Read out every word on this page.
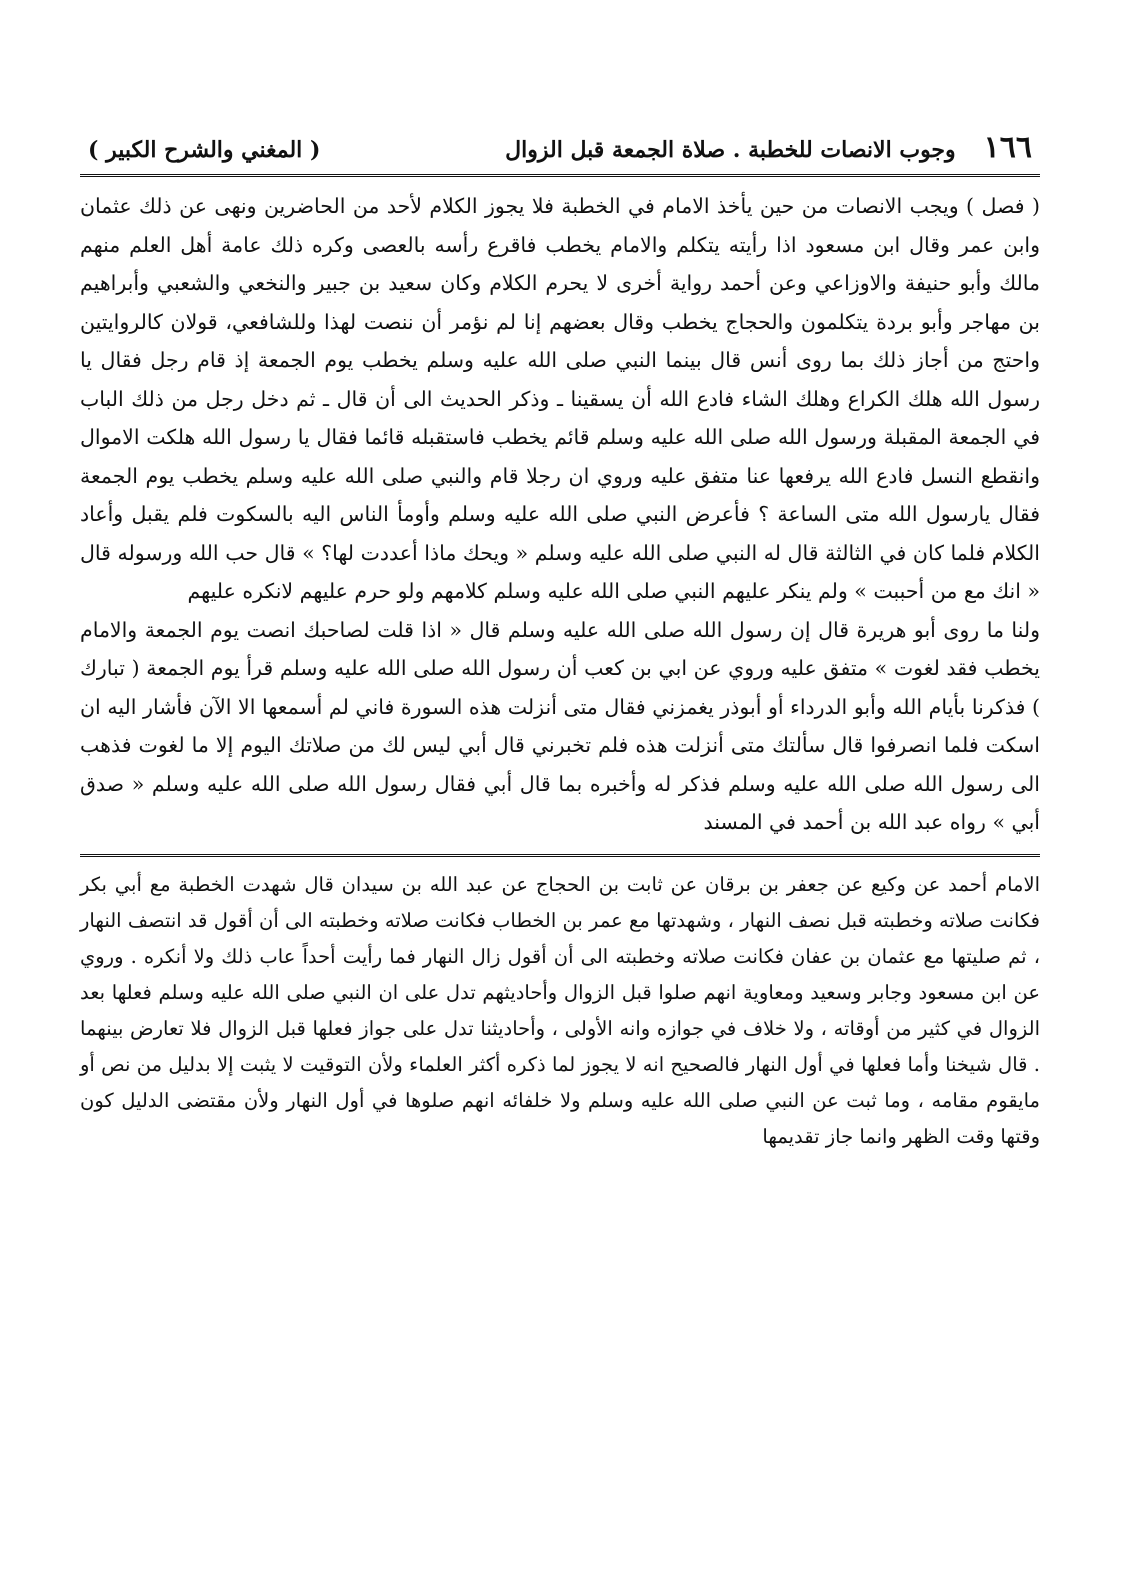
١٦٦
وجوب الانصات للخطبة . صلاة الجمعة قبل الزوال
( المغني والشرح الكبير )

( فصل ) ويجب الانصات من حين يأخذ الامام في الخطبة فلا يجوز الكلام لأحد من الحاضرين ونهى عن ذلك عثمان وابن عمر وقال ابن مسعود اذا رأيته يتكلم والامام يخطب فاقرع رأسه بالعصى وكره ذلك عامة أهل العلم منهم مالك وأبو حنيفة والاوزاعي وعن أحمد رواية أخرى لا يحرم الكلام وكان سعيد بن جبير والنخعي والشعبي وأبراهيم بن مهاجر وأبو بردة يتكلمون والحجاج يخطب وقال بعضهم إنا لم نؤمر أن ننصت لهذا وللشافعي، قولان كالروايتين واحتج من أجاز ذلك بما روى أنس قال بينما النبي صلى الله عليه وسلم يخطب يوم الجمعة إذ قام رجل فقال يا رسول الله هلك الكراع وهلك الشاء فادع الله أن يسقينا ـ وذكر الحديث الى أن قال ـ ثم دخل رجل من ذلك الباب في الجمعة المقبلة ورسول الله صلى الله عليه وسلم قائم يخطب فاستقبله قائما فقال يا رسول الله هلكت الاموال وانقطع النسل فادع الله يرفعها عنا متفق عليه وروي ان رجلا قام والنبي صلى الله عليه وسلم يخطب يوم الجمعة فقال يارسول الله متى الساعة ؟ فأعرض النبي صلى الله عليه وسلم وأومأ الناس اليه بالسكوت فلم يقبل وأعاد الكلام فلما كان في الثالثة قال له النبي صلى الله عليه وسلم « ويحك ماذا أعددت لها؟ » قال حب الله ورسوله قال « انك مع من أحببت » ولم ينكر عليهم النبي صلى الله عليه وسلم كلامهم ولو حرم عليهم لانكره عليهم

ولنا ما روى أبو هريرة قال إن رسول الله صلى الله عليه وسلم قال « اذا قلت لصاحبك انصت يوم الجمعة والامام يخطب فقد لغوت » متفق عليه وروي عن ابي بن كعب أن رسول الله صلى الله عليه وسلم قرأ يوم الجمعة ( تبارك ) فذكرنا بأيام الله وأبو الدرداء أو أبوذر يغمزني فقال متى أنزلت هذه السورة فاني لم أسمعها الا الآن فأشار اليه ان اسكت فلما انصرفوا قال سألتك متى أنزلت هذه فلم تخبرني قال أبي ليس لك من صلاتك اليوم إلا ما لغوت فذهب الى رسول الله صلى الله عليه وسلم فذكر له وأخبره بما قال أبي فقال رسول الله صلى الله عليه وسلم « صدق أبي » رواه عبد الله بن أحمد في المسند

الامام أحمد عن وكيع عن جعفر بن برقان عن ثابت بن الحجاج عن عبد الله بن سيدان قال شهدت الخطبة مع أبي بكر فكانت صلاته وخطبته قبل نصف النهار ، وشهدتها مع عمر بن الخطاب فكانت صلاته وخطبته الى أن أقول قد انتصف النهار ، ثم صليتها مع عثمان بن عفان فكانت صلاته وخطبته الى أن أقول زال النهار فما رأيت أحداً عاب ذلك ولا أنكره . وروي عن ابن مسعود وجابر وسعيد ومعاوية انهم صلوا قبل الزوال وأحاديثهم تدل على ان النبي صلى الله عليه وسلم فعلها بعد الزوال في كثير من أوقاته ، ولا خلاف في جوازه وانه الأولى ، وأحاديثنا تدل على جواز فعلها قبل الزوال فلا تعارض بينهما . قال شيخنا وأما فعلها في أول النهار فالصحيح انه لا يجوز لما ذكره أكثر العلماء ولأن التوقيت لا يثبت إلا بدليل من نص أو مايقوم مقامه ، وما ثبت عن النبي صلى الله عليه وسلم ولا خلفائه انهم صلوها في أول النهار ولأن مقتضى الدليل كون وقتها وقت الظهر وانما جاز تقديمها
